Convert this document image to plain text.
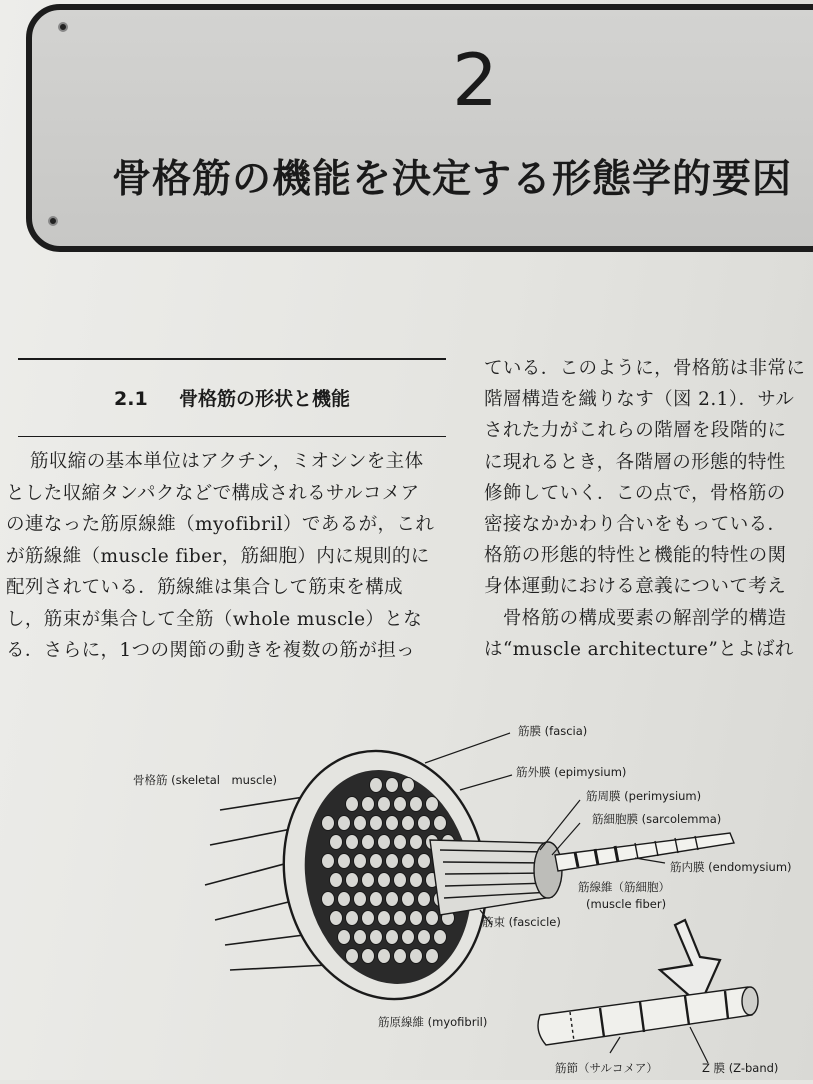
2
骨格筋の機能を決定する形態学的要因
2.1 骨格筋の形状と機能
筋収縮の基本単位はアクチン，ミオシンを主体
とした収縮タンパクなどで構成されるサルコメア
の連なった筋原線維（myofibril）であるが，これ
が筋線維（muscle fiber，筋細胞）内に規則的に
配列されている．筋線維は集合して筋束を構成
し，筋束が集合して全筋（whole muscle）とな
る．さらに，1つの関節の動きを複数の筋が担っ
ている．このように，骨格筋は非常に
階層構造を織りなす（図 2.1）．サル
された力がこれらの階層を段階的に
に現れるとき，各階層の形態的特性
修飾していく．この点で，骨格筋の
密接なかかわり合いをもっている．
格筋の形態的特性と機能的特性の関
身体運動における意義について考え
　骨格筋の構成要素の解剖学的構造
は“muscle architecture”とよばれ
筋膜 (fascia)
骨格筋 (skeletal　muscle)
筋外膜 (epimysium)
筋周膜 (perimysium)
筋細胞膜 (sarcolemma)
筋内膜 (endomysium)
筋線維（筋細胞）
(muscle fiber)
筋束 (fascicle)
筋原線維 (myofibril)
筋節（サルコメア）	Z 膜 (Z-band)
